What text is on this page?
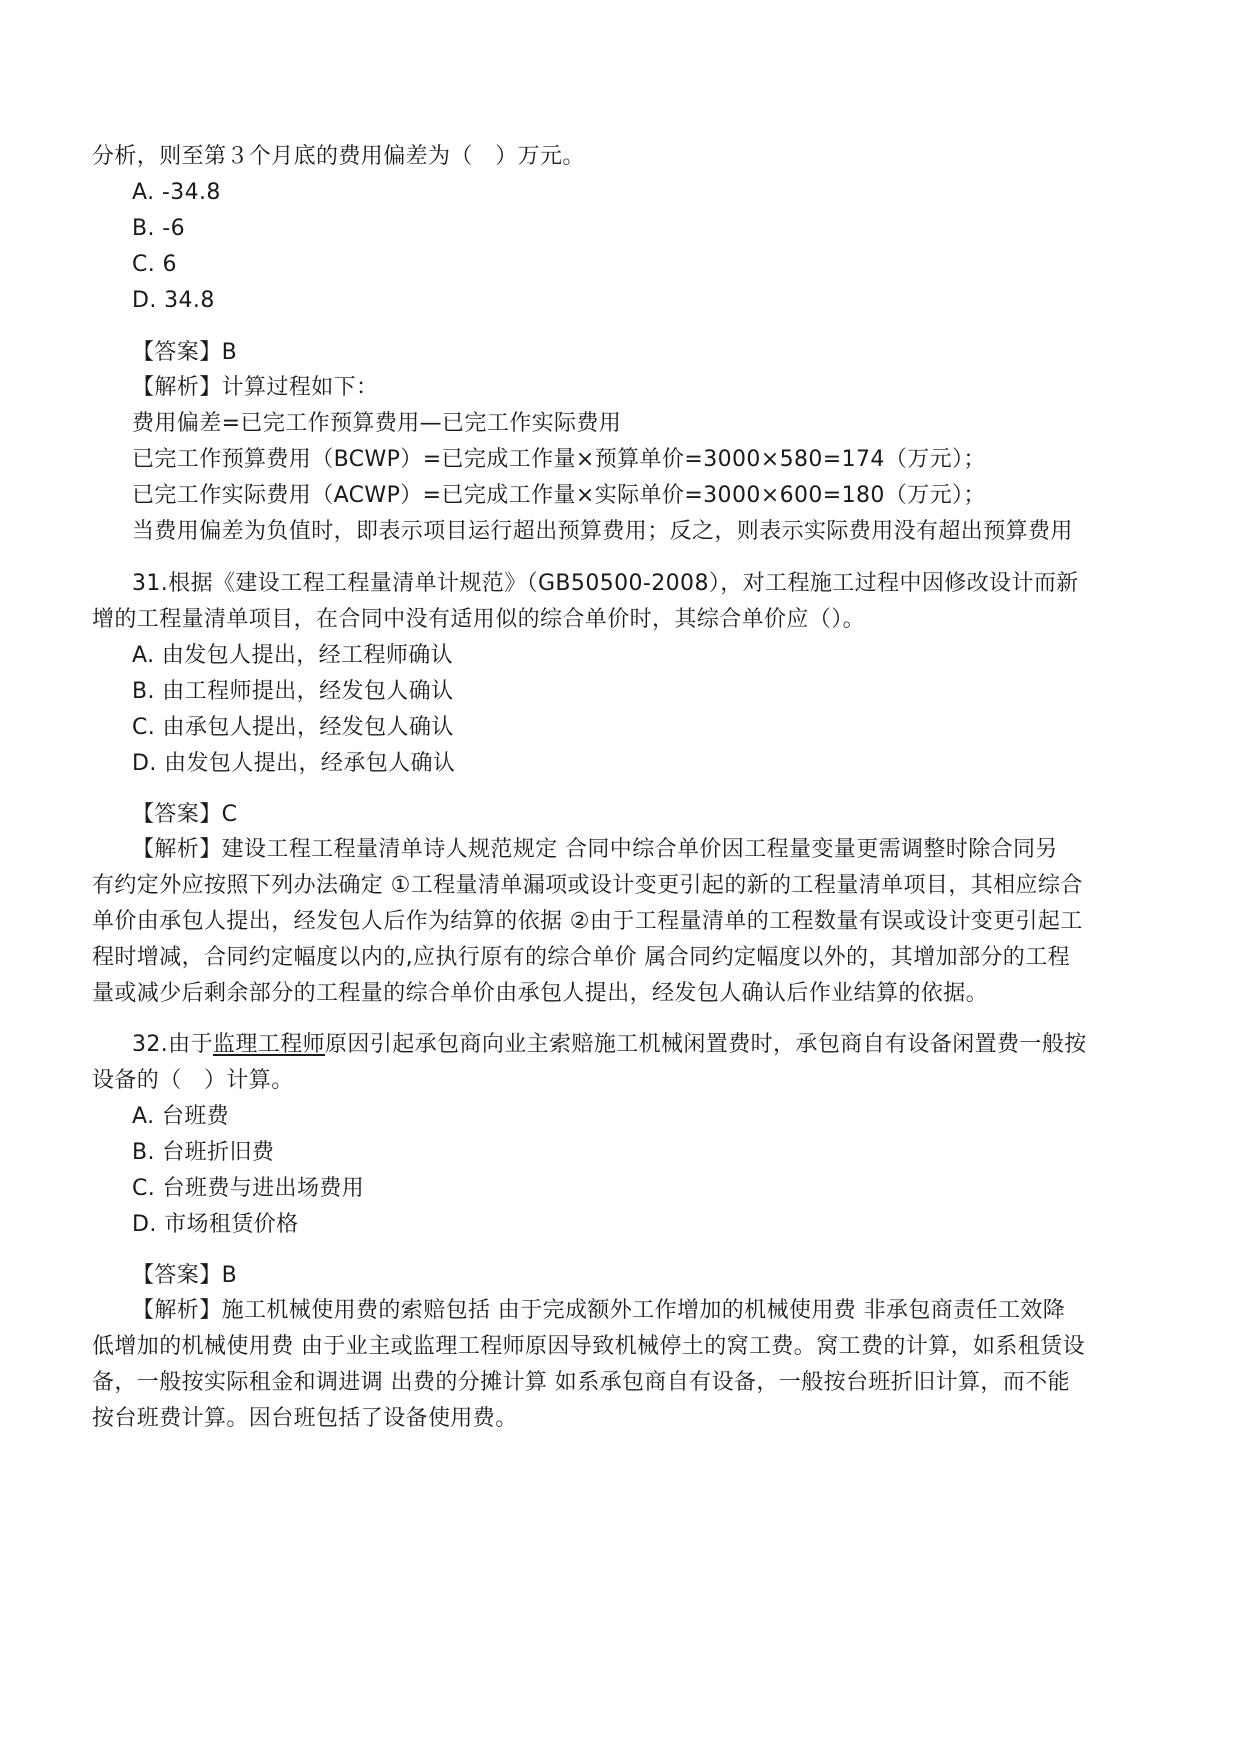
分析，则至第３个月底的费用偏差为（　）万元。
A. -34.8
B. -6
C. 6
D. 34.8
【答案】B
【解析】计算过程如下：
费用偏差=已完工作预算费用—已完工作实际费用
已完工作预算费用（BCWP）=已完成工作量×预算单价=3000×580=174（万元）；
已完工作实际费用（ACWP）=已完成工作量×实际单价=3000×600=180（万元）；
当费用偏差为负值时，即表示项目运行超出预算费用；反之，则表示实际费用没有超出预算费用
31.根据《建设工程工程量清单计规范》（GB50500-2008），对工程施工过程中因修改设计而新
增的工程量清单项目，在合同中没有适用似的综合单价时，其综合单价应（）。
A. 由发包人提出，经工程师确认
B. 由工程师提出，经发包人确认
C. 由承包人提出，经发包人确认
D. 由发包人提出，经承包人确认
【答案】C
【解析】建设工程工程量清单诗人规范规定 合同中综合单价因工程量变量更需调整时除合同另
有约定外应按照下列办法确定 ①工程量清单漏项或设计变更引起的新的工程量清单项目，其相应综合
单价由承包人提出，经发包人后作为结算的依据 ②由于工程量清单的工程数量有误或设计变更引起工
程时增减，合同约定幅度以内的,应执行原有的综合单价 属合同约定幅度以外的，其增加部分的工程
量或减少后剩余部分的工程量的综合单价由承包人提出，经发包人确认后作业结算的依据。
32.由于监理工程师原因引起承包商向业主索赔施工机械闲置费时，承包商自有设备闲置费一般按
设备的（　）计算。
A. 台班费
B. 台班折旧费
C. 台班费与进出场费用
D. 市场租赁价格
【答案】B
【解析】施工机械使用费的索赔包括 由于完成额外工作增加的机械使用费 非承包商责任工效降
低增加的机械使用费 由于业主或监理工程师原因导致机械停土的窝工费。窝工费的计算，如系租赁设
备，一般按实际租金和调进调 出费的分摊计算 如系承包商自有设备，一般按台班折旧计算，而不能
按台班费计算。因台班包括了设备使用费。
